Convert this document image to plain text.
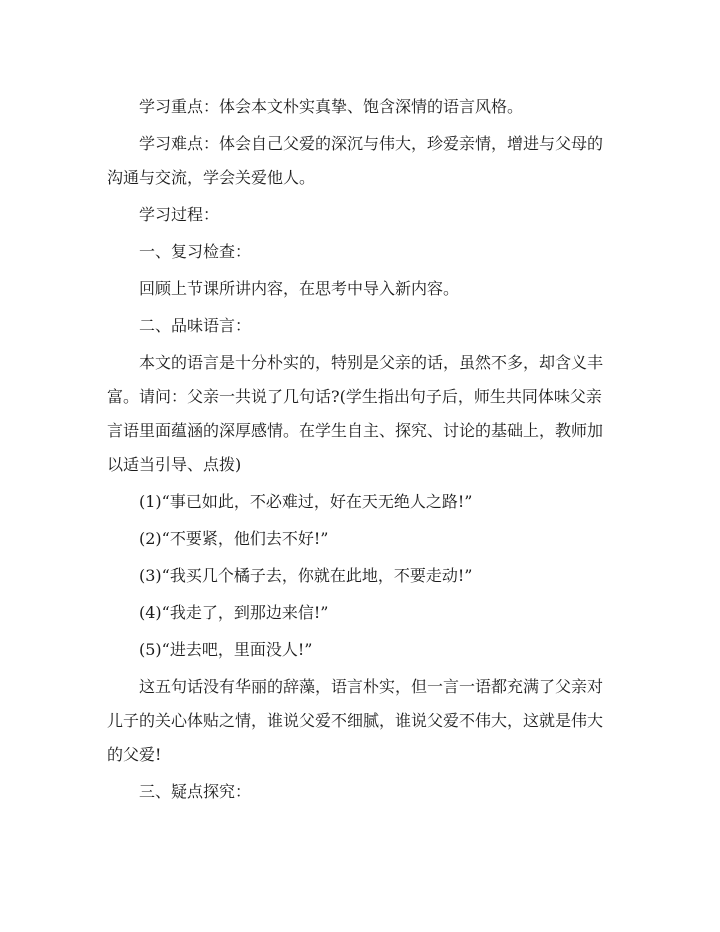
学习重点：体会本文朴实真挚、饱含深情的语言风格。

学习难点：体会自己父爱的深沉与伟大，珍爱亲情，增进与父母的沟通与交流，学会关爱他人。

学习过程：

一、复习检查：

回顾上节课所讲内容，在思考中导入新内容。

二、品味语言：

本文的语言是十分朴实的，特别是父亲的话，虽然不多，却含义丰富。请问：父亲一共说了几句话?(学生指出句子后，师生共同体味父亲言语里面蕴涵的深厚感情。在学生自主、探究、讨论的基础上，教师加以适当引导、点拨)

(1)“事已如此，不必难过，好在天无绝人之路!”

(2)“不要紧，他们去不好!”

(3)“我买几个橘子去，你就在此地，不要走动!”

(4)“我走了，到那边来信!”

(5)“进去吧，里面没人!”

这五句话没有华丽的辞藻，语言朴实，但一言一语都充满了父亲对儿子的关心体贴之情，谁说父爱不细腻，谁说父爱不伟大，这就是伟大的父爱!

三、疑点探究：
